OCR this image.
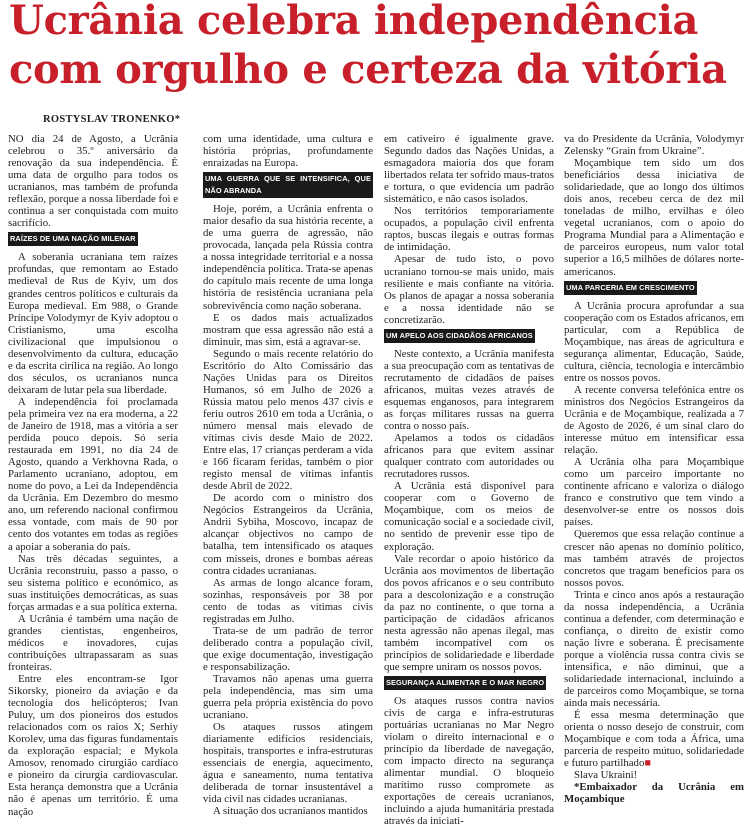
Ucrânia celebra independência com orgulho e certeza da vitória
ROSTYSLAV TRONENKO*

NO dia 24 de Agosto, a Ucrânia celebrou o 35.º aniversário da renovação da sua independência. É uma data de orgulho para todos os ucranianos, mas também de profunda reflexão, porque a nossa liberdade foi e continua a ser conquistada com muito sacrifício.

RAÍZES DE UMA NAÇÃO MILENAR

A soberania ucraniana tem raízes profundas, que remontam ao Estado medieval de Rus de Kyiv, um dos grandes centros políticos e culturais da Europa medieval. Em 988, o Grande Príncipe Volodymyr de Kyiv adoptou o Cristianismo, uma escolha civilizacional que impulsionou o desenvolvimento da cultura, educação e da escrita cirílica na região. Ao longo dos séculos, os ucranianos nunca deixaram de lutar pela sua liberdade.

A independência foi proclamada pela primeira vez na era moderna, a 22 de Janeiro de 1918, mas a vitória a ser perdida pouco depois. Só seria restaurada em 1991, no dia 24 de Agosto, quando a Verkhovna Rada, o Parlamento ucraniano, adoptou, em nome do povo, a Lei da Independência da Ucrânia. Em Dezembro do mesmo ano, um referendo nacional confirmou essa vontade, com mais de 90 por cento dos votantes em todas as regiões a apoiar a soberania do país.

Nas três décadas seguintes, a Ucrânia reconstruiu, passo a passo, o seu sistema político e económico, as suas instituições democráticas, as suas forças armadas e a sua política externa.

A Ucrânia é também uma nação de grandes cientistas, engenheiros, médicos e inovadores, cujas contribuições ultrapassaram as suas fronteiras.

Entre eles encontram-se Igor Sikorsky, pioneiro da aviação e da tecnologia dos helicópteros; Ivan Puluy, um dos pioneiros dos estudos relacionados com os raios X; Serhiy Korolev, uma das figuras fundamentais da exploração espacial; e Mykola Amosov, renomado cirurgião cardíaco e pioneiro da cirurgia cardiovascular. Esta herança demonstra que a Ucrânia não é apenas um território. É uma nação

com uma identidade, uma cultura e história próprias, profundamente enraizadas na Europa.

UMA GUERRA QUE SE INTENSIFICA, QUE NÃO ABRANDA

Hoje, porém, a Ucrânia enfrenta o maior desafio da sua história recente, a de uma guerra de agressão, não provocada, lançada pela Rússia contra a nossa integridade territorial e a nossa independência política. Trata-se apenas do capítulo mais recente de uma longa história de resistência ucraniana pela sobrevivência como nação soberana.

E os dados mais actualizados mostram que essa agressão não está a diminuir, mas sim, está a agravar-se.

Segundo o mais recente relatório do Escritório do Alto Comissário das Nações Unidas para os Direitos Humanos, só em Julho de 2026 a Rússia matou pelo menos 437 civis e feriu outros 2610 em toda a Ucrânia, o número mensal mais elevado de vítimas civis desde Maio de 2022. Entre elas, 17 crianças perderam a vida e 166 ficaram feridas, também o pior registo mensal de vítimas infantis desde Abril de 2022.

De acordo com o ministro dos Negócios Estrangeiros da Ucrânia, Andrii Sybiha, Moscovo, incapaz de alcançar objectivos no campo de batalha, tem intensificado os ataques com mísseis, drones e bombas aéreas contra cidades ucranianas.

As armas de longo alcance foram, sozinhas, responsáveis por 38 por cento de todas as vítimas civis registradas em Julho.

Trata-se de um padrão de terror deliberado contra a população civil, que exige documentação, investigação e responsabilização.

Travamos não apenas uma guerra pela independência, mas sim uma guerra pela própria existência do povo ucraniano.

Os ataques russos atingem diariamente edifícios residenciais, hospitais, transportes e infra-estruturas essenciais de energia, aquecimento, água e saneamento, numa tentativa deliberada de tornar insustentável a vida civil nas cidades ucranianas.

A situação dos ucranianos mantidos

em cativeiro é igualmente grave. Segundo dados das Nações Unidas, a esmagadora maioria dos que foram libertados relata ter sofrido maus-tratos e tortura, o que evidencia um padrão sistemático, e não casos isolados.

Nos territórios temporariamente ocupados, a população civil enfrenta raptos, buscas ilegais e outras formas de intimidação.

Apesar de tudo isto, o povo ucraniano tornou-se mais unido, mais resiliente e mais confiante na vitória. Os planos de apagar a nossa soberania e a nossa identidade não se concretizarão.

UM APELO AOS CIDADÃOS AFRICANOS

Neste contexto, a Ucrânia manifesta a sua preocupação com as tentativas de recrutamento de cidadãos de países africanos, muitas vezes através de esquemas enganosos, para integrarem as forças militares russas na guerra contra o nosso país.

Apelamos a todos os cidadãos africanos para que evitem assinar qualquer contrato com autoridades ou recrutadores russos.

A Ucrânia está disponível para cooperar com o Governo de Moçambique, com os meios de comunicação social e a sociedade civil, no sentido de prevenir esse tipo de exploração.

Vale recordar o apoio histórico da Ucrânia aos movimentos de libertação dos povos africanos e o seu contributo para a descolonização e a construção da paz no continente, o que torna a participação de cidadãos africanos nesta agressão não apenas ilegal, mas também incompatível com os princípios de solidariedade e liberdade que sempre uniram os nossos povos.

SEGURANÇA ALIMENTAR E O MAR NEGRO

Os ataques russos contra navios civis de carga e infra-estruturas portuárias ucranianas no Mar Negro violam o direito internacional e o princípio da liberdade de navegação, com impacto directo na segurança alimentar mundial. O bloqueio marítimo russo compromete as exportações de cereais ucranianos, incluindo a ajuda humanitária prestada através da iniciati-

va do Presidente da Ucrânia, Volodymyr Zelensky “Grain from Ukraine”.

Moçambique tem sido um dos beneficiários dessa iniciativa de solidariedade, que ao longo dos últimos dois anos, recebeu cerca de dez mil toneladas de milho, ervilhas e óleo vegetal ucranianos, com o apoio do Programa Mundial para a Alimentação e de parceiros europeus, num valor total superior a 16,5 milhões de dólares norte-americanos.

UMA PARCERIA EM CRESCIMENTO

A Ucrânia procura aprofundar a sua cooperação com os Estados africanos, em particular, com a República de Moçambique, nas áreas de agricultura e segurança alimentar, Educação, Saúde, cultura, ciência, tecnologia e intercâmbio entre os nossos povos.

A recente conversa telefónica entre os ministros dos Negócios Estrangeiros da Ucrânia e de Moçambique, realizada a 7 de Agosto de 2026, é um sinal claro do interesse mútuo em intensificar essa relação.

A Ucrânia olha para Moçambique como um parceiro importante no continente africano e valoriza o diálogo franco e construtivo que tem vindo a desenvolver-se entre os nossos dois países.

Queremos que essa relação continue a crescer não apenas no domínio político, mas também através de projectos concretos que tragam benefícios para os nossos povos.

Trinta e cinco anos após a restauração da nossa independência, a Ucrânia continua a defender, com determinação e confiança, o direito de existir como nação livre e soberana. É precisamente porque a violência russa contra civis se intensifica, e não diminui, que a solidariedade internacional, incluindo a de parceiros como Moçambique, se torna ainda mais necessária.

É essa mesma determinação que orienta o nosso desejo de construir, com Moçambique e com toda a África, uma parceria de respeito mútuo, solidariedade e futuro partilhado■

Slava Ukraini!

*Embaixador da Ucrânia em Moçambique
